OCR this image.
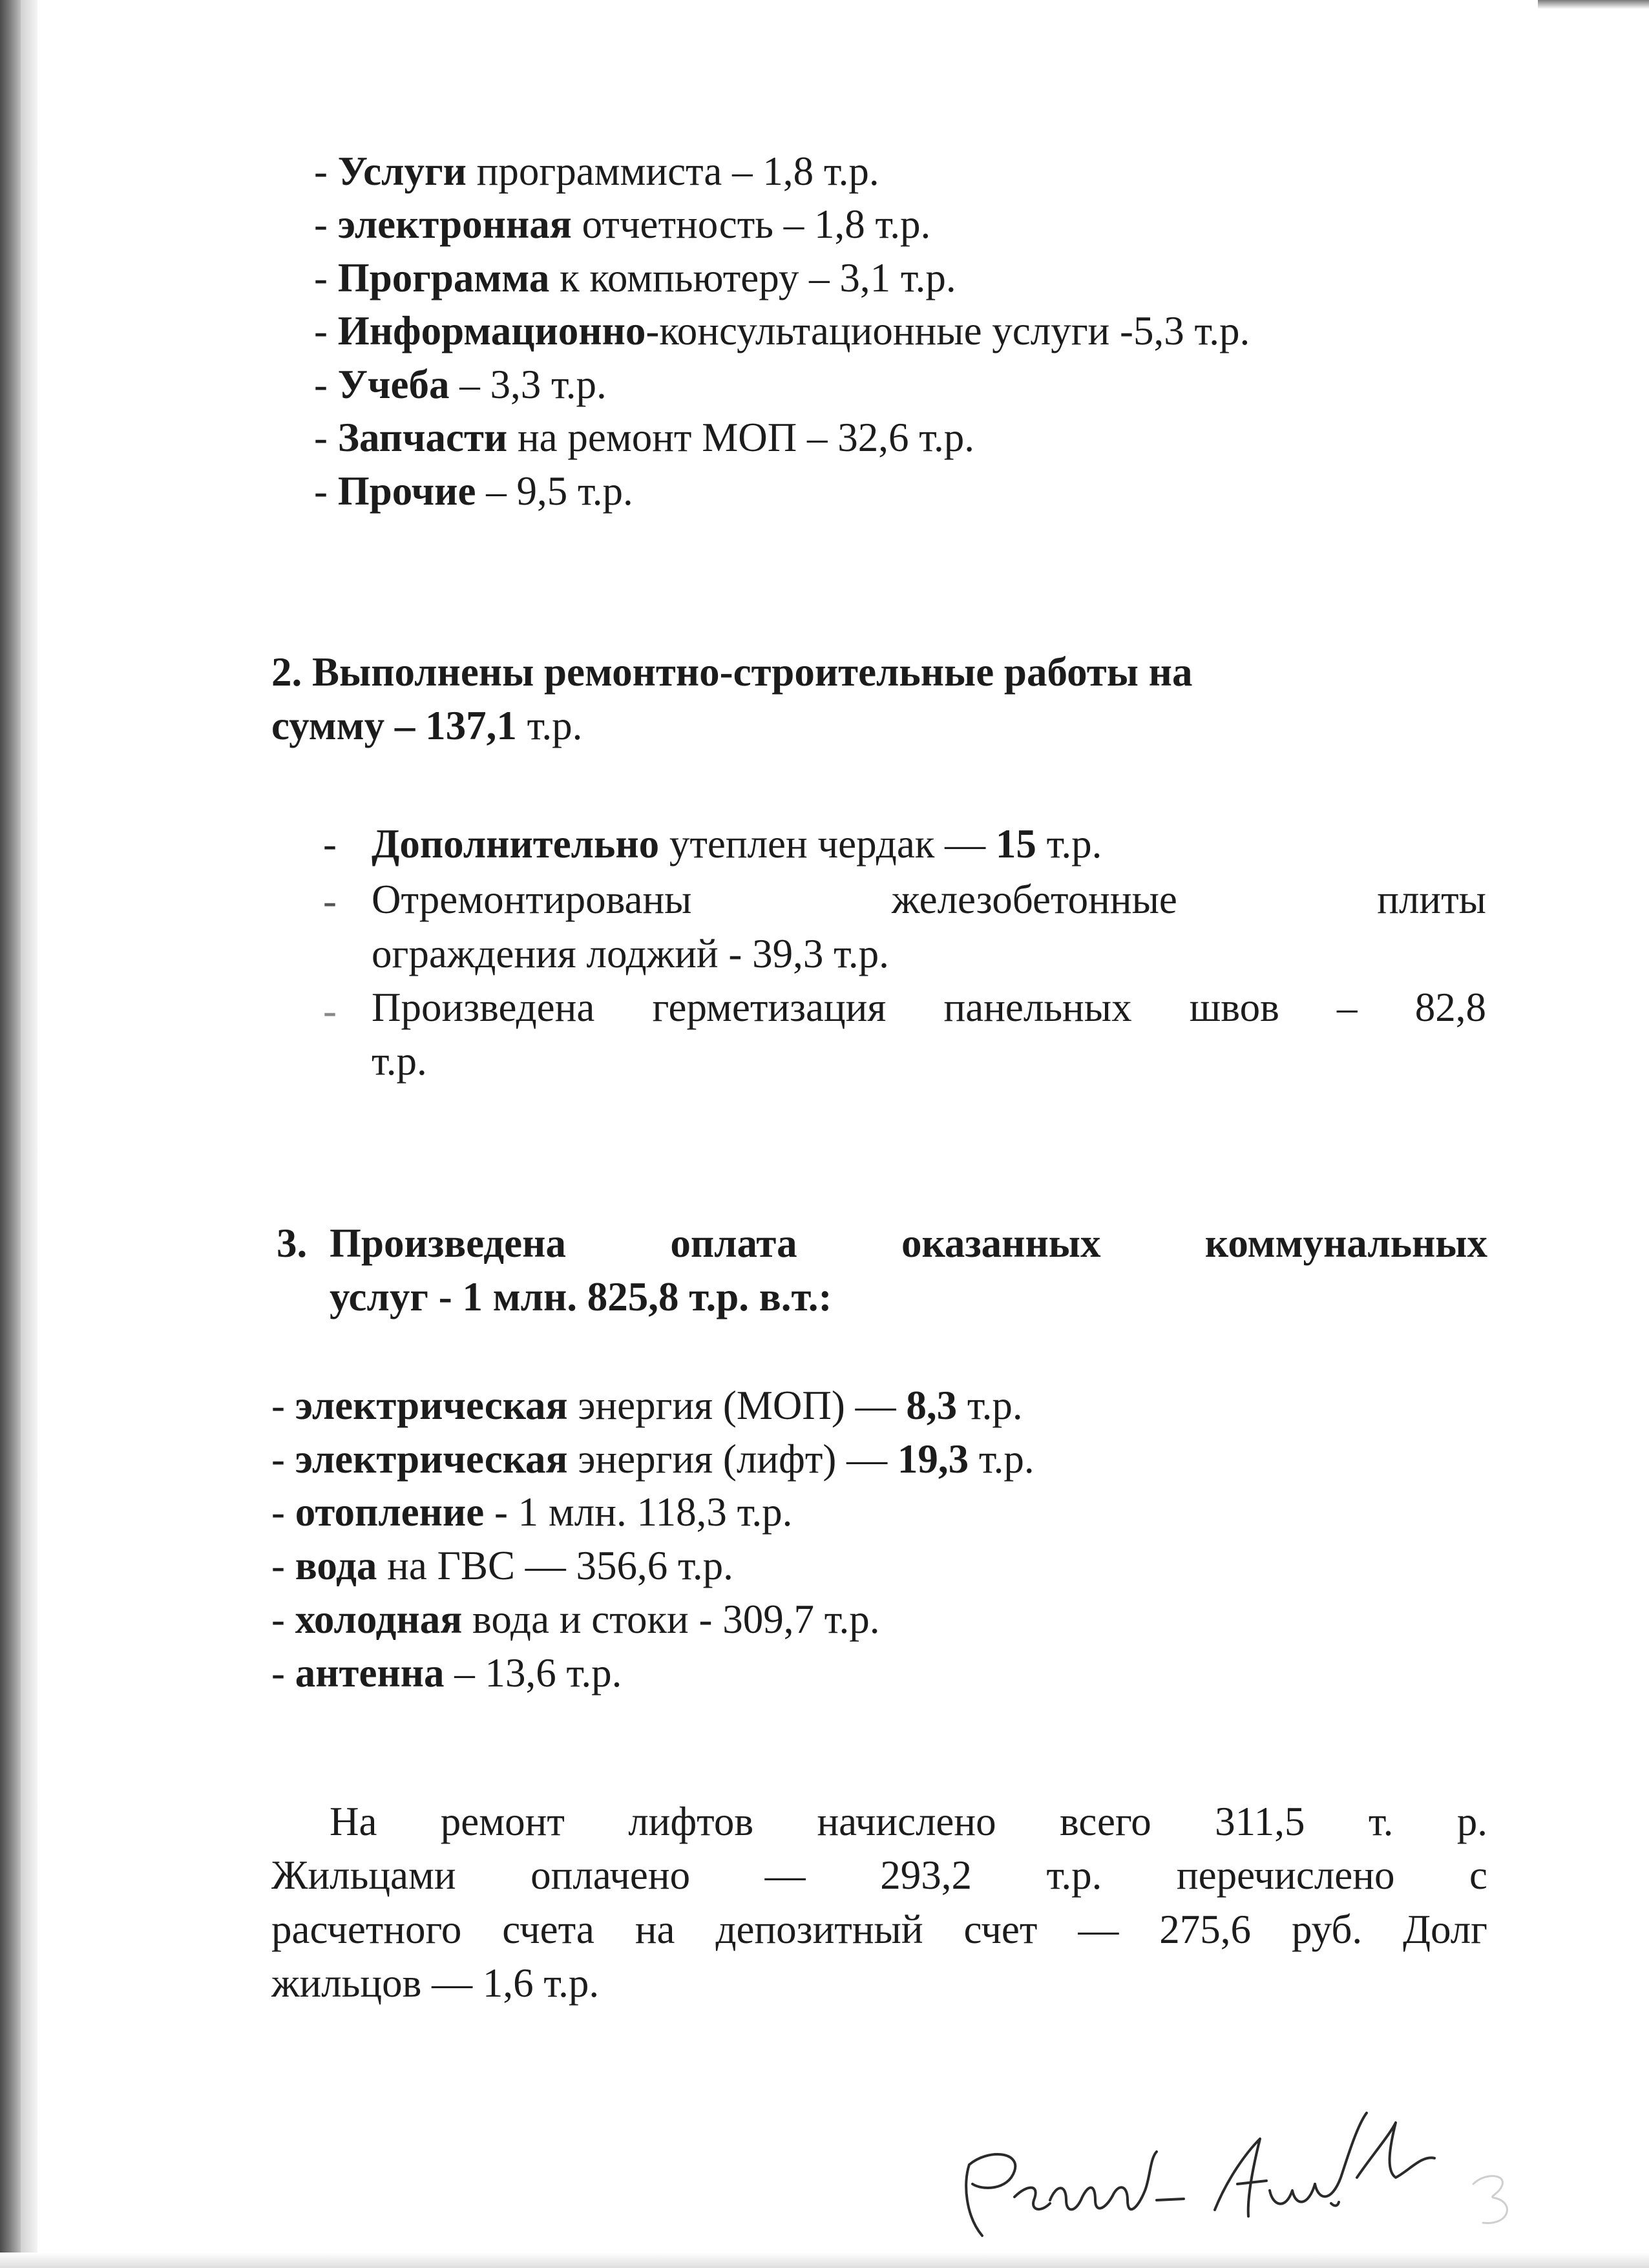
- Услуги программиста – 1,8 т.р.
- электронная отчетность – 1,8 т.р.
- Программа к компьютеру – 3,1 т.р.
- Информационно-консультационные услуги -5,3 т.р.
- Учеба – 3,3 т.р.
- Запчасти на ремонт МОП – 32,6 т.р.
- Прочие – 9,5 т.р.
2. Выполнены ремонтно-строительные работы на
сумму – 137,1 т.р.
- Дополнительно утеплен чердак — 15 т.р.
- Отремонтированы железобетонные плиты
ограждения лоджий - 39,3 т.р.
- Произведена герметизация панельных швов – 82,8
т.р.
3. Произведена оплата оказанных коммунальных
услуг - 1 млн. 825,8 т.р. в.т.:
- электрическая энергия (МОП) — 8,3 т.р.
- электрическая энергия (лифт) — 19,3 т.р.
- отопление - 1 млн. 118,3 т.р.
- вода на ГВС — 356,6 т.р.
- холодная вода и стоки - 309,7 т.р.
- антенна – 13,6 т.р.
На ремонт лифтов начислено всего 311,5 т. р.
Жильцами оплачено — 293,2 т.р. перечислено с
расчетного счета на депозитный счет — 275,6 руб. Долг
жильцов — 1,6 т.р.
